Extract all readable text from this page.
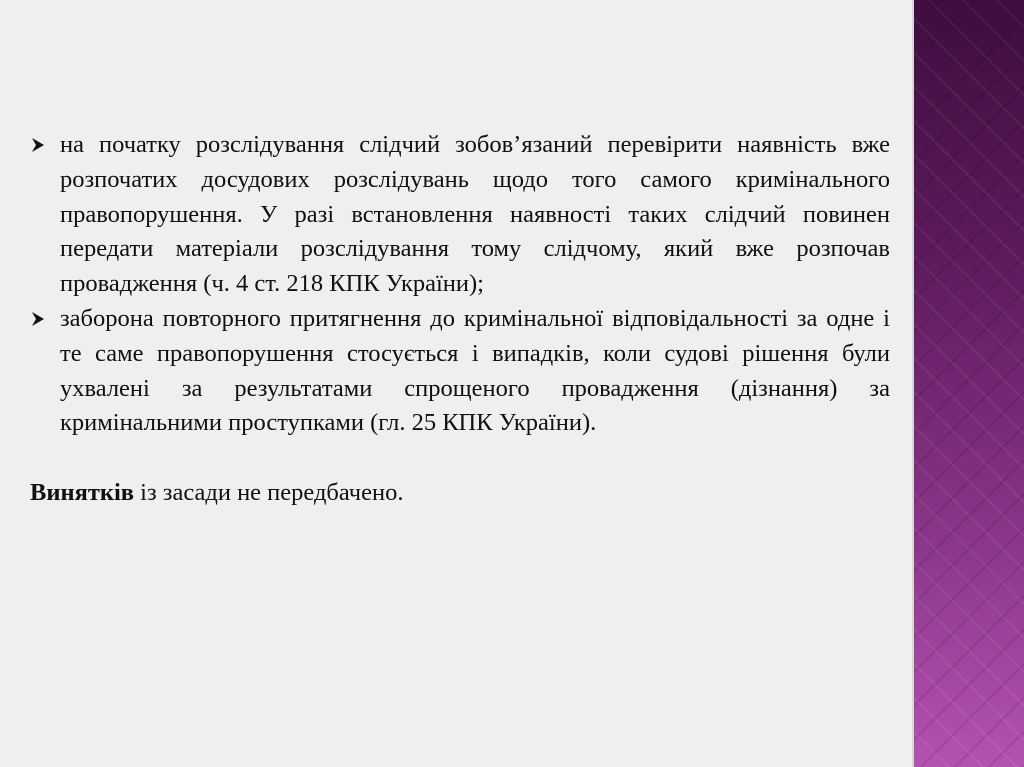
на початку розслідування слідчий зобов’язаний перевірити наявність вже розпочатих досудових розслідувань щодо того самого кримінального правопорушення. У разі встановлення наявності таких слідчий повинен передати матеріали розслідування тому слідчому, який вже розпочав провадження (ч. 4 ст. 218 КПК України);
заборона повторного притягнення до кримінальної відповідальності за одне і те саме правопорушення стосується і випадків, коли судові рішення були ухвалені за результатами спрощеного провадження (дізнання) за кримінальними проступками (гл. 25 КПК України).
Винятків із засади не передбачено.
